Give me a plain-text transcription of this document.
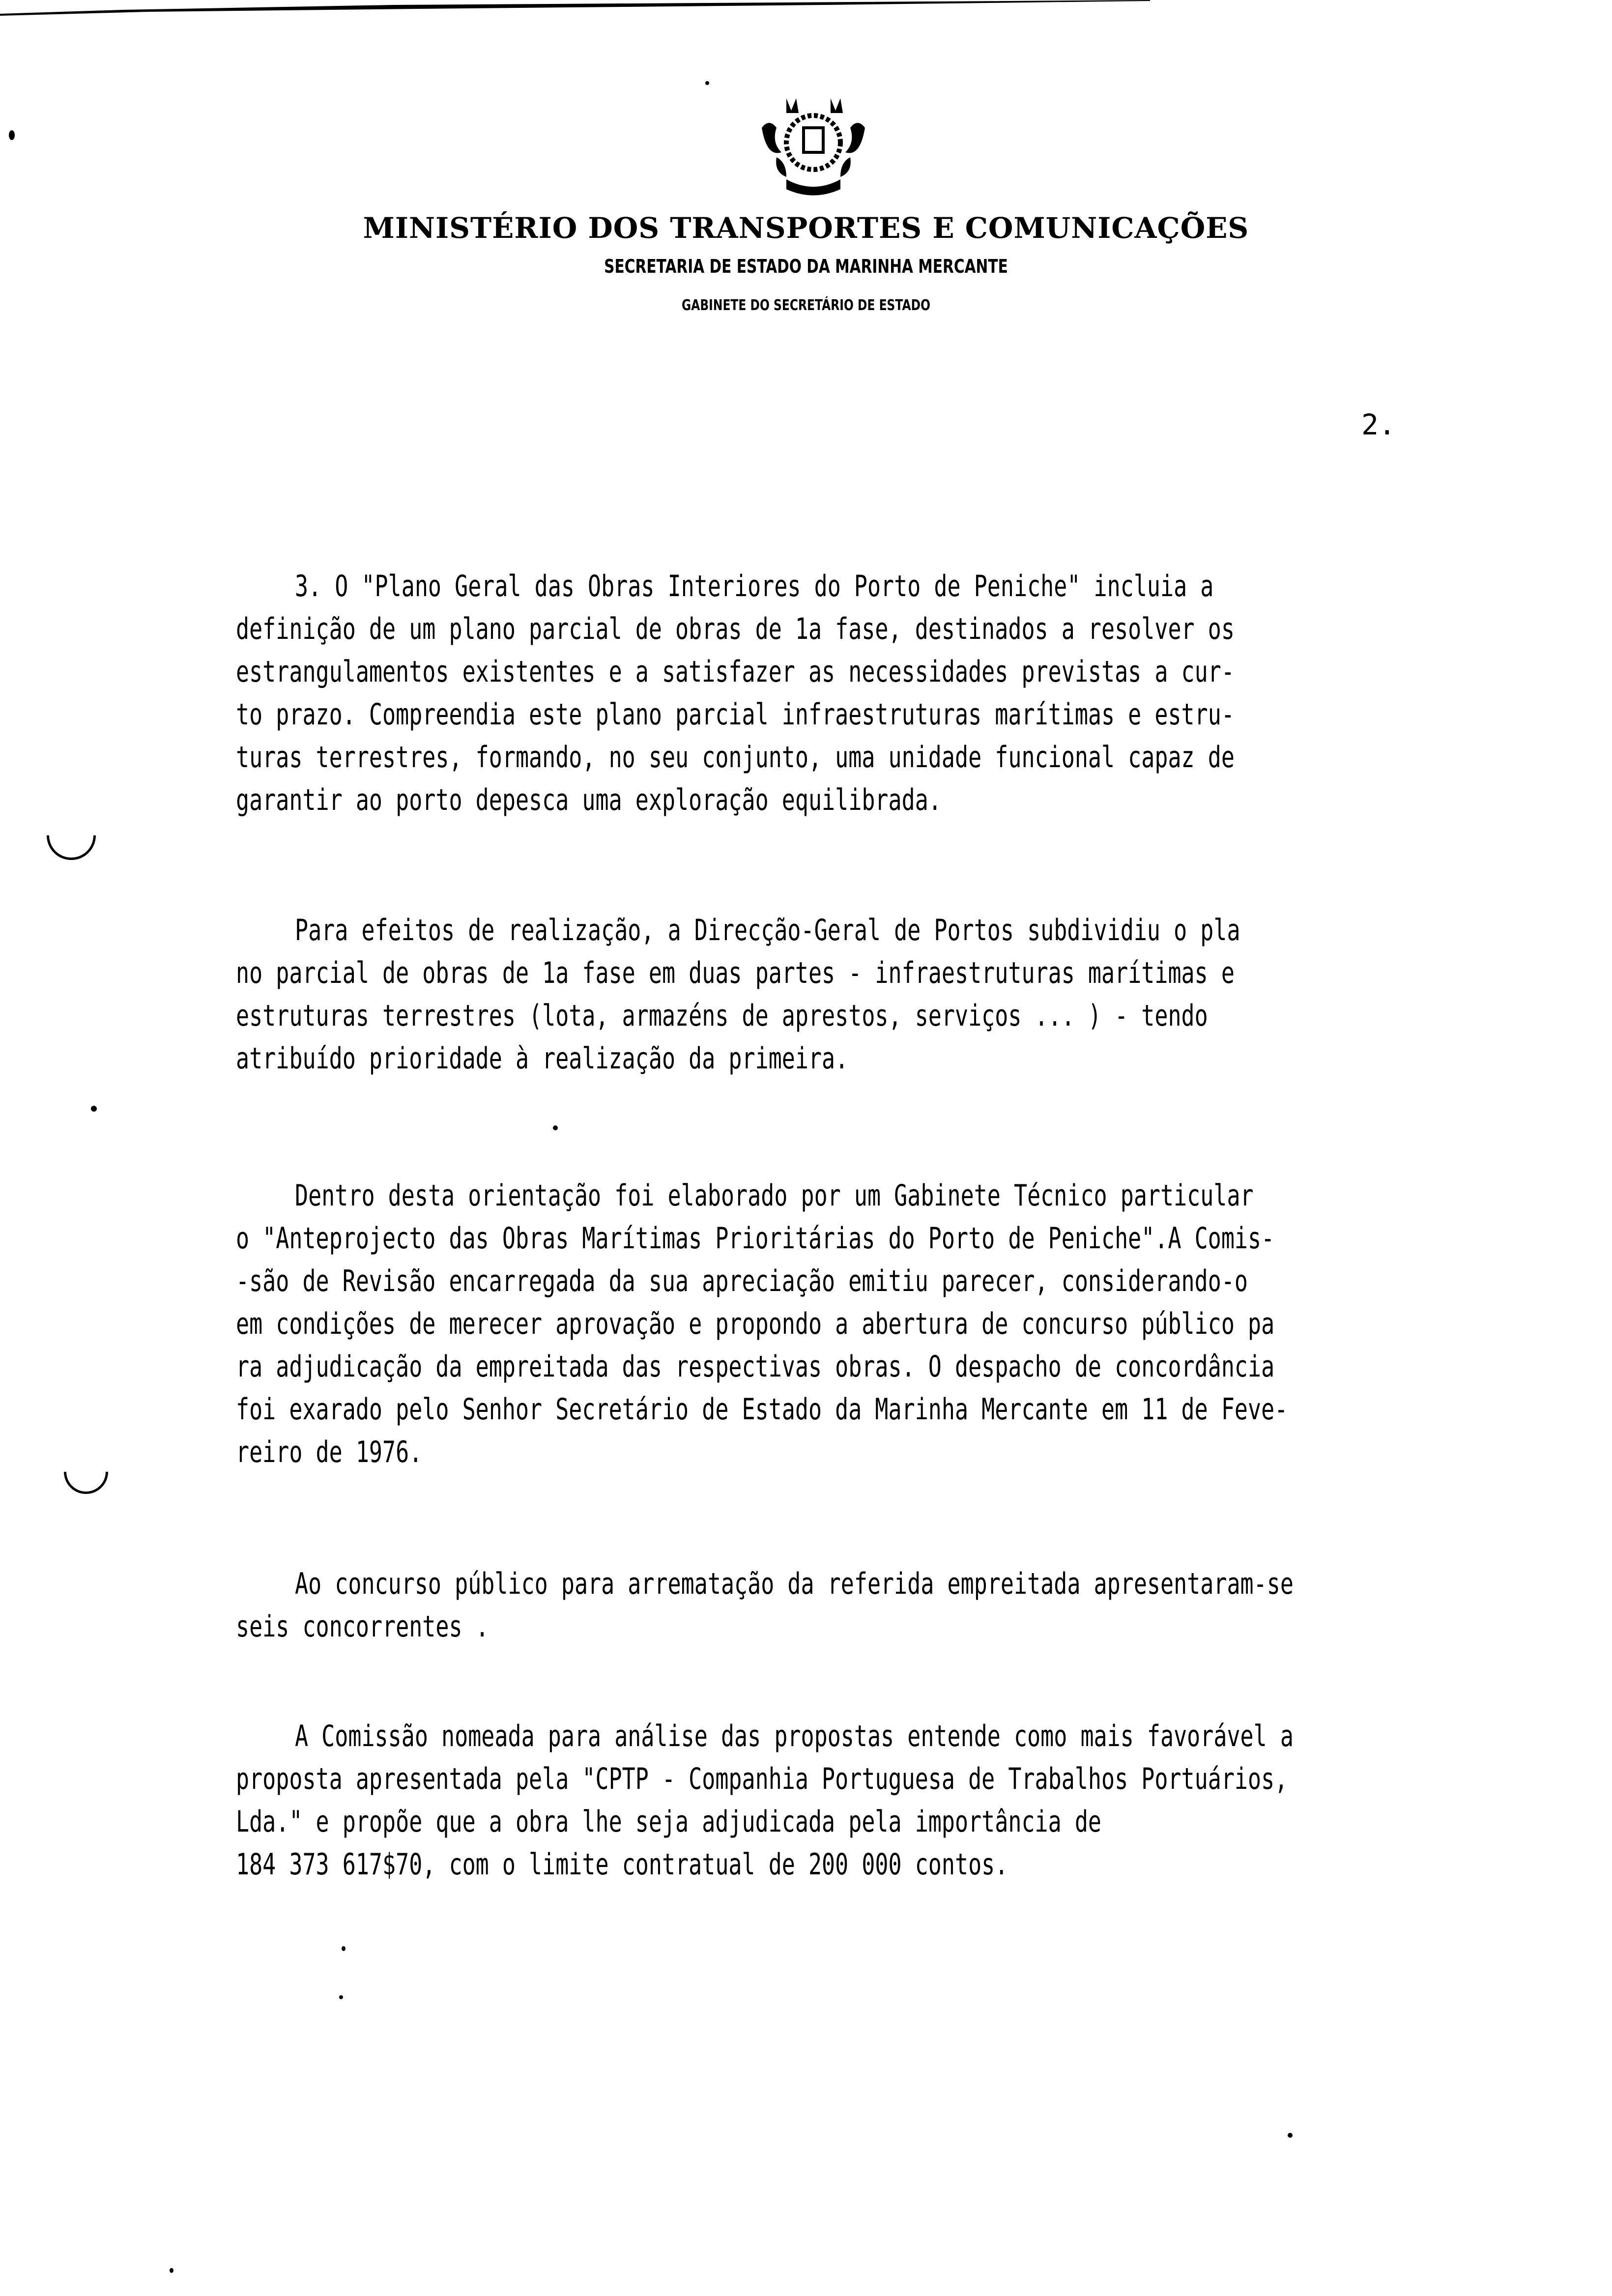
MINISTÉRIO DOS TRANSPORTES E COMUNICAÇÕES
SECRETARIA DE ESTADO DA MARINHA MERCANTE
GABINETE DO SECRETÁRIO DE ESTADO
2.
3. O "Plano Geral das Obras Interiores do Porto de Peniche" incluia a
definição de um plano parcial de obras de 1a fase, destinados a resolver os
estrangulamentos existentes e a satisfazer as necessidades previstas a cur-
to prazo. Compreendia este plano parcial infraestruturas marítimas e estru-
turas terrestres, formando, no seu conjunto, uma unidade funcional capaz de
garantir ao porto depesca uma exploração equilibrada.
Para efeitos de realização, a Direcção-Geral de Portos subdividiu o pla
no parcial de obras de 1a fase em duas partes - infraestruturas marítimas e
estruturas terrestres (lota, armazéns de aprestos, serviços ... ) - tendo
atribuído prioridade à realização da primeira.
Dentro desta orientação foi elaborado por um Gabinete Técnico particular
o "Anteprojecto das Obras Marítimas Prioritárias do Porto de Peniche".A Comis-
-são de Revisão encarregada da sua apreciação emitiu parecer, considerando-o
em condições de merecer aprovação e propondo a abertura de concurso público pa
ra adjudicação da empreitada das respectivas obras. O despacho de concordância
foi exarado pelo Senhor Secretário de Estado da Marinha Mercante em 11 de Feve-
reiro de 1976.
Ao concurso público para arrematação da referida empreitada apresentaram-se
seis concorrentes .
A Comissão nomeada para análise das propostas entende como mais favorável a
proposta apresentada pela "CPTP - Companhia Portuguesa de Trabalhos Portuários,
Lda." e propõe que a obra lhe seja adjudicada pela importância de
184 373 617$70, com o limite contratual de 200 000 contos.
